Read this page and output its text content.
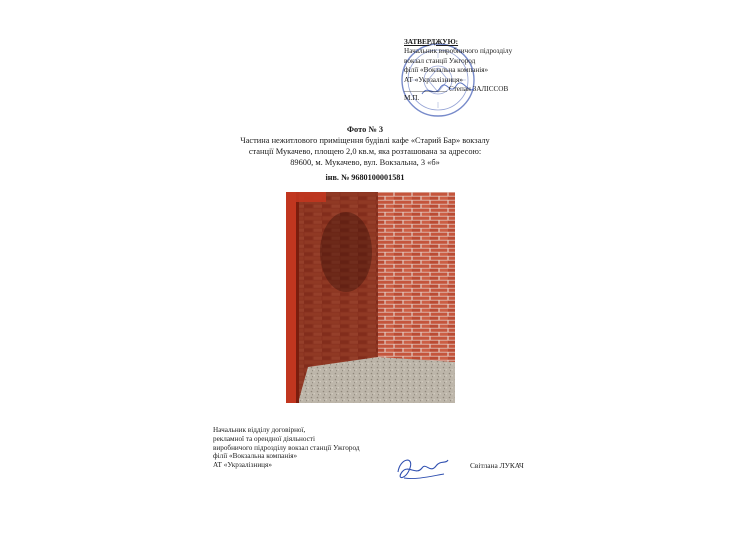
ЗАТВЕРДЖУЮ:
Начальник виробничого підрозділу
вокзал станції Ужгород
філії «Вокзальна компанія»
АТ «Укрзалізниця»
____________ Степан ЗАЛІССОВ
М.П.
Фото № 3
Частина нежитлового приміщення будівлі кафе «Старий Бар» вокзалу
станції Мукачево, площею 2,0 кв.м, яка розташована за адресою:
89600, м. Мукачево, вул. Вокзальна, 3 «б»
інв. № 9680100001581
Начальник відділу договірної,
рекламної та орендної діяльності
виробничого підрозділу вокзал станції Ужгород
філії «Вокзальна компанія»
АТ «Укрзалізниця»	Світлана ЛУКАЧ
